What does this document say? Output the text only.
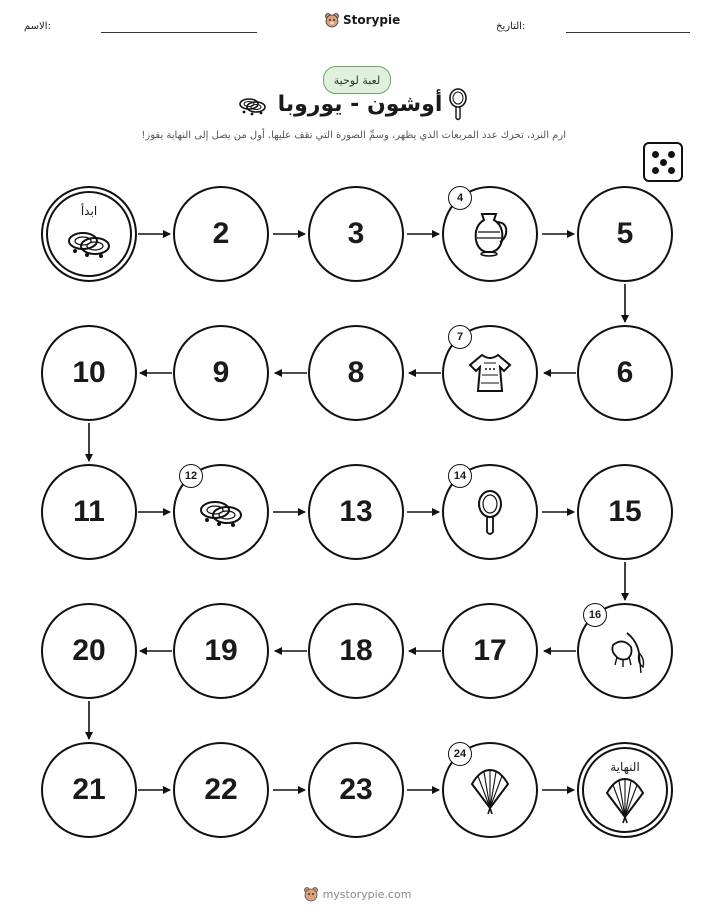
الاسم:	Storypie	التاريخ:
لعبة لوحية
أوشون - يوروبا
ارم النرد، تحرك عدد المربعات الذي يظهر، وسمِّ الصورة التي تقف عليها. أول من يصل إلى النهاية يفوز!
ابدأ
2	3
4
5
6
7
8
9
10
11
12
13
14
15
16
17
18
19
20
21	22	23
24
النهاية
mystorypie.com
